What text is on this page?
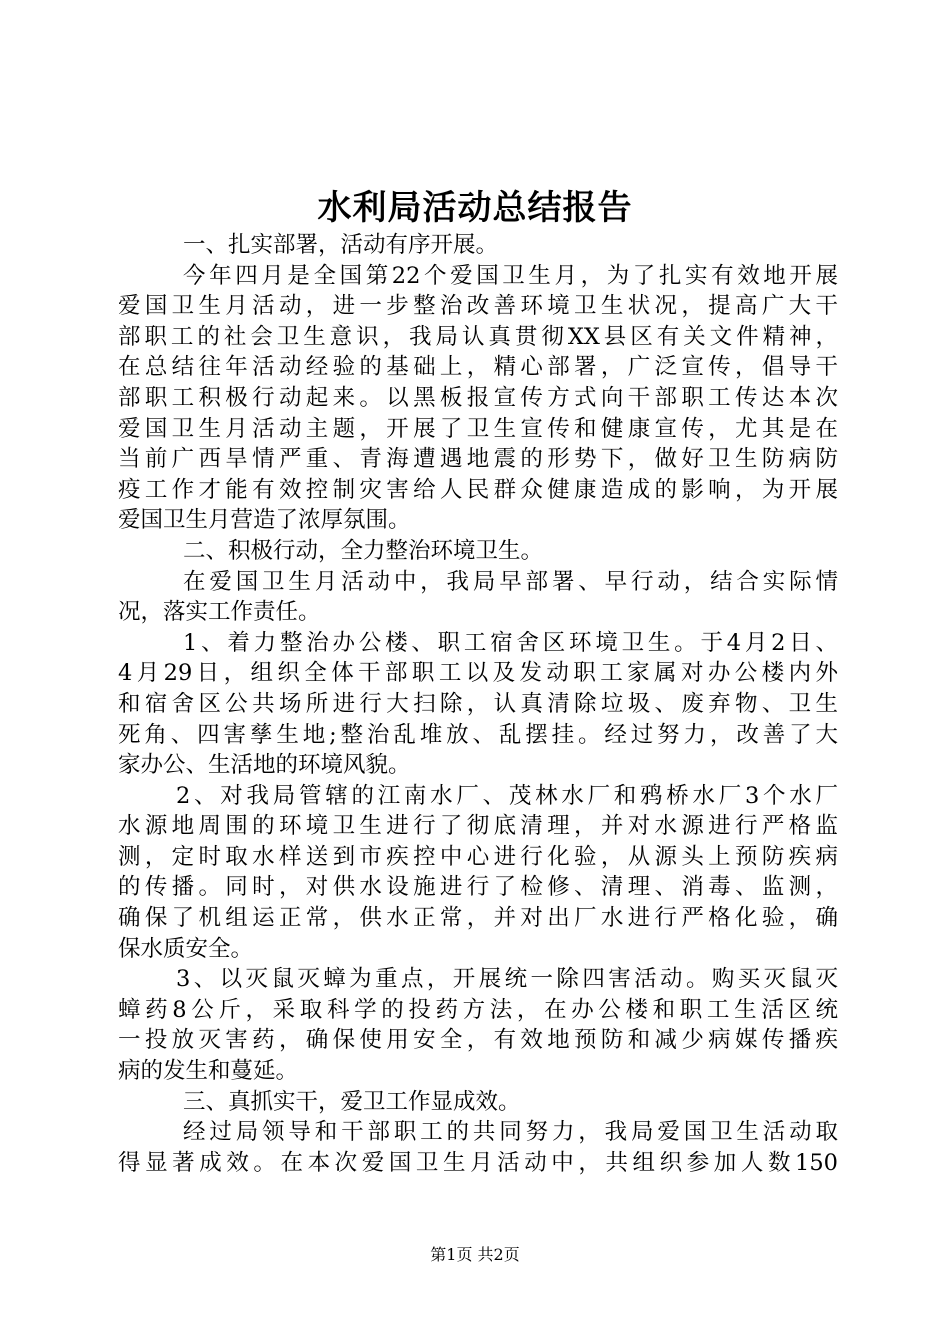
水利局活动总结报告
一、扎实部署，活动有序开展。
今年四月是全国第22个爱国卫生月，为了扎实有效地开展
爱国卫生月活动，进一步整治改善环境卫生状况，提高广大干
部职工的社会卫生意识，我局认真贯彻XX县区有关文件精神，
在总结往年活动经验的基础上，精心部署，广泛宣传，倡导干
部职工积极行动起来。以黑板报宣传方式向干部职工传达本次
爱国卫生月活动主题，开展了卫生宣传和健康宣传，尤其是在
当前广西旱情严重、青海遭遇地震的形势下，做好卫生防病防
疫工作才能有效控制灾害给人民群众健康造成的影响，为开展
爱国卫生月营造了浓厚氛围。
二、积极行动，全力整治环境卫生。
在爱国卫生月活动中，我局早部署、早行动，结合实际情
况，落实工作责任。
1、着力整治办公楼、职工宿舍区环境卫生。于4月2日、
4月29日，组织全体干部职工以及发动职工家属对办公楼内外
和宿舍区公共场所进行大扫除，认真清除垃圾、废弃物、卫生
死角、四害孳生地;整治乱堆放、乱摆挂。经过努力，改善了大
家办公、生活地的环境风貌。
2、对我局管辖的江南水厂、茂林水厂和鸦桥水厂3个水厂
水源地周围的环境卫生进行了彻底清理，并对水源进行严格监
测，定时取水样送到市疾控中心进行化验，从源头上预防疾病
的传播。同时，对供水设施进行了检修、清理、消毒、监测，
确保了机组运正常，供水正常，并对出厂水进行严格化验，确
保水质安全。
3、以灭鼠灭蟑为重点，开展统一除四害活动。购买灭鼠灭
蟑药8公斤，采取科学的投药方法，在办公楼和职工生活区统
一投放灭害药，确保使用安全，有效地预防和减少病媒传播疾
病的发生和蔓延。
三、真抓实干，爱卫工作显成效。
经过局领导和干部职工的共同努力，我局爱国卫生活动取
得显著成效。在本次爱国卫生月活动中，共组织参加人数150
第1页 共2页
